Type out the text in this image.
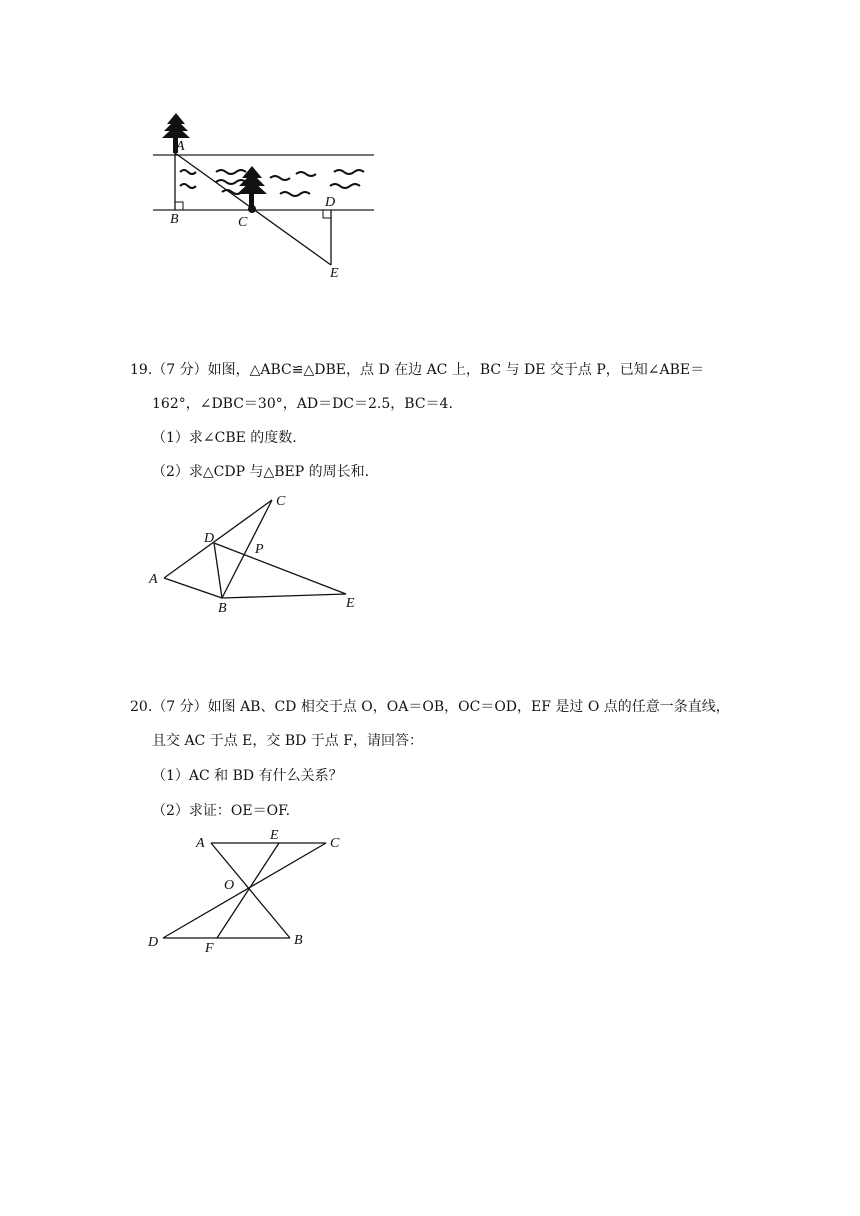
A
B	C
D
E
19.（7 分）如图，△ABC≌△DBE，点 D 在边 AC 上，BC 与 DE 交于点 P，已知∠ABE＝
162°，∠DBC＝30°，AD＝DC＝2.5，BC＝4.
（1）求∠CBE 的度数.
（2）求△CDP 与△BEP 的周长和.
C
D
P
A
B	E
20.（7 分）如图 AB、CD 相交于点 O，OA＝OB，OC＝OD，EF 是过 O 点的任意一条直线，
且交 AC 于点 E，交 BD 于点 F，请回答：
（1）AC 和 BD 有什么关系？
（2）求证：OE＝OF.
A
E
C
O
D	F
B
